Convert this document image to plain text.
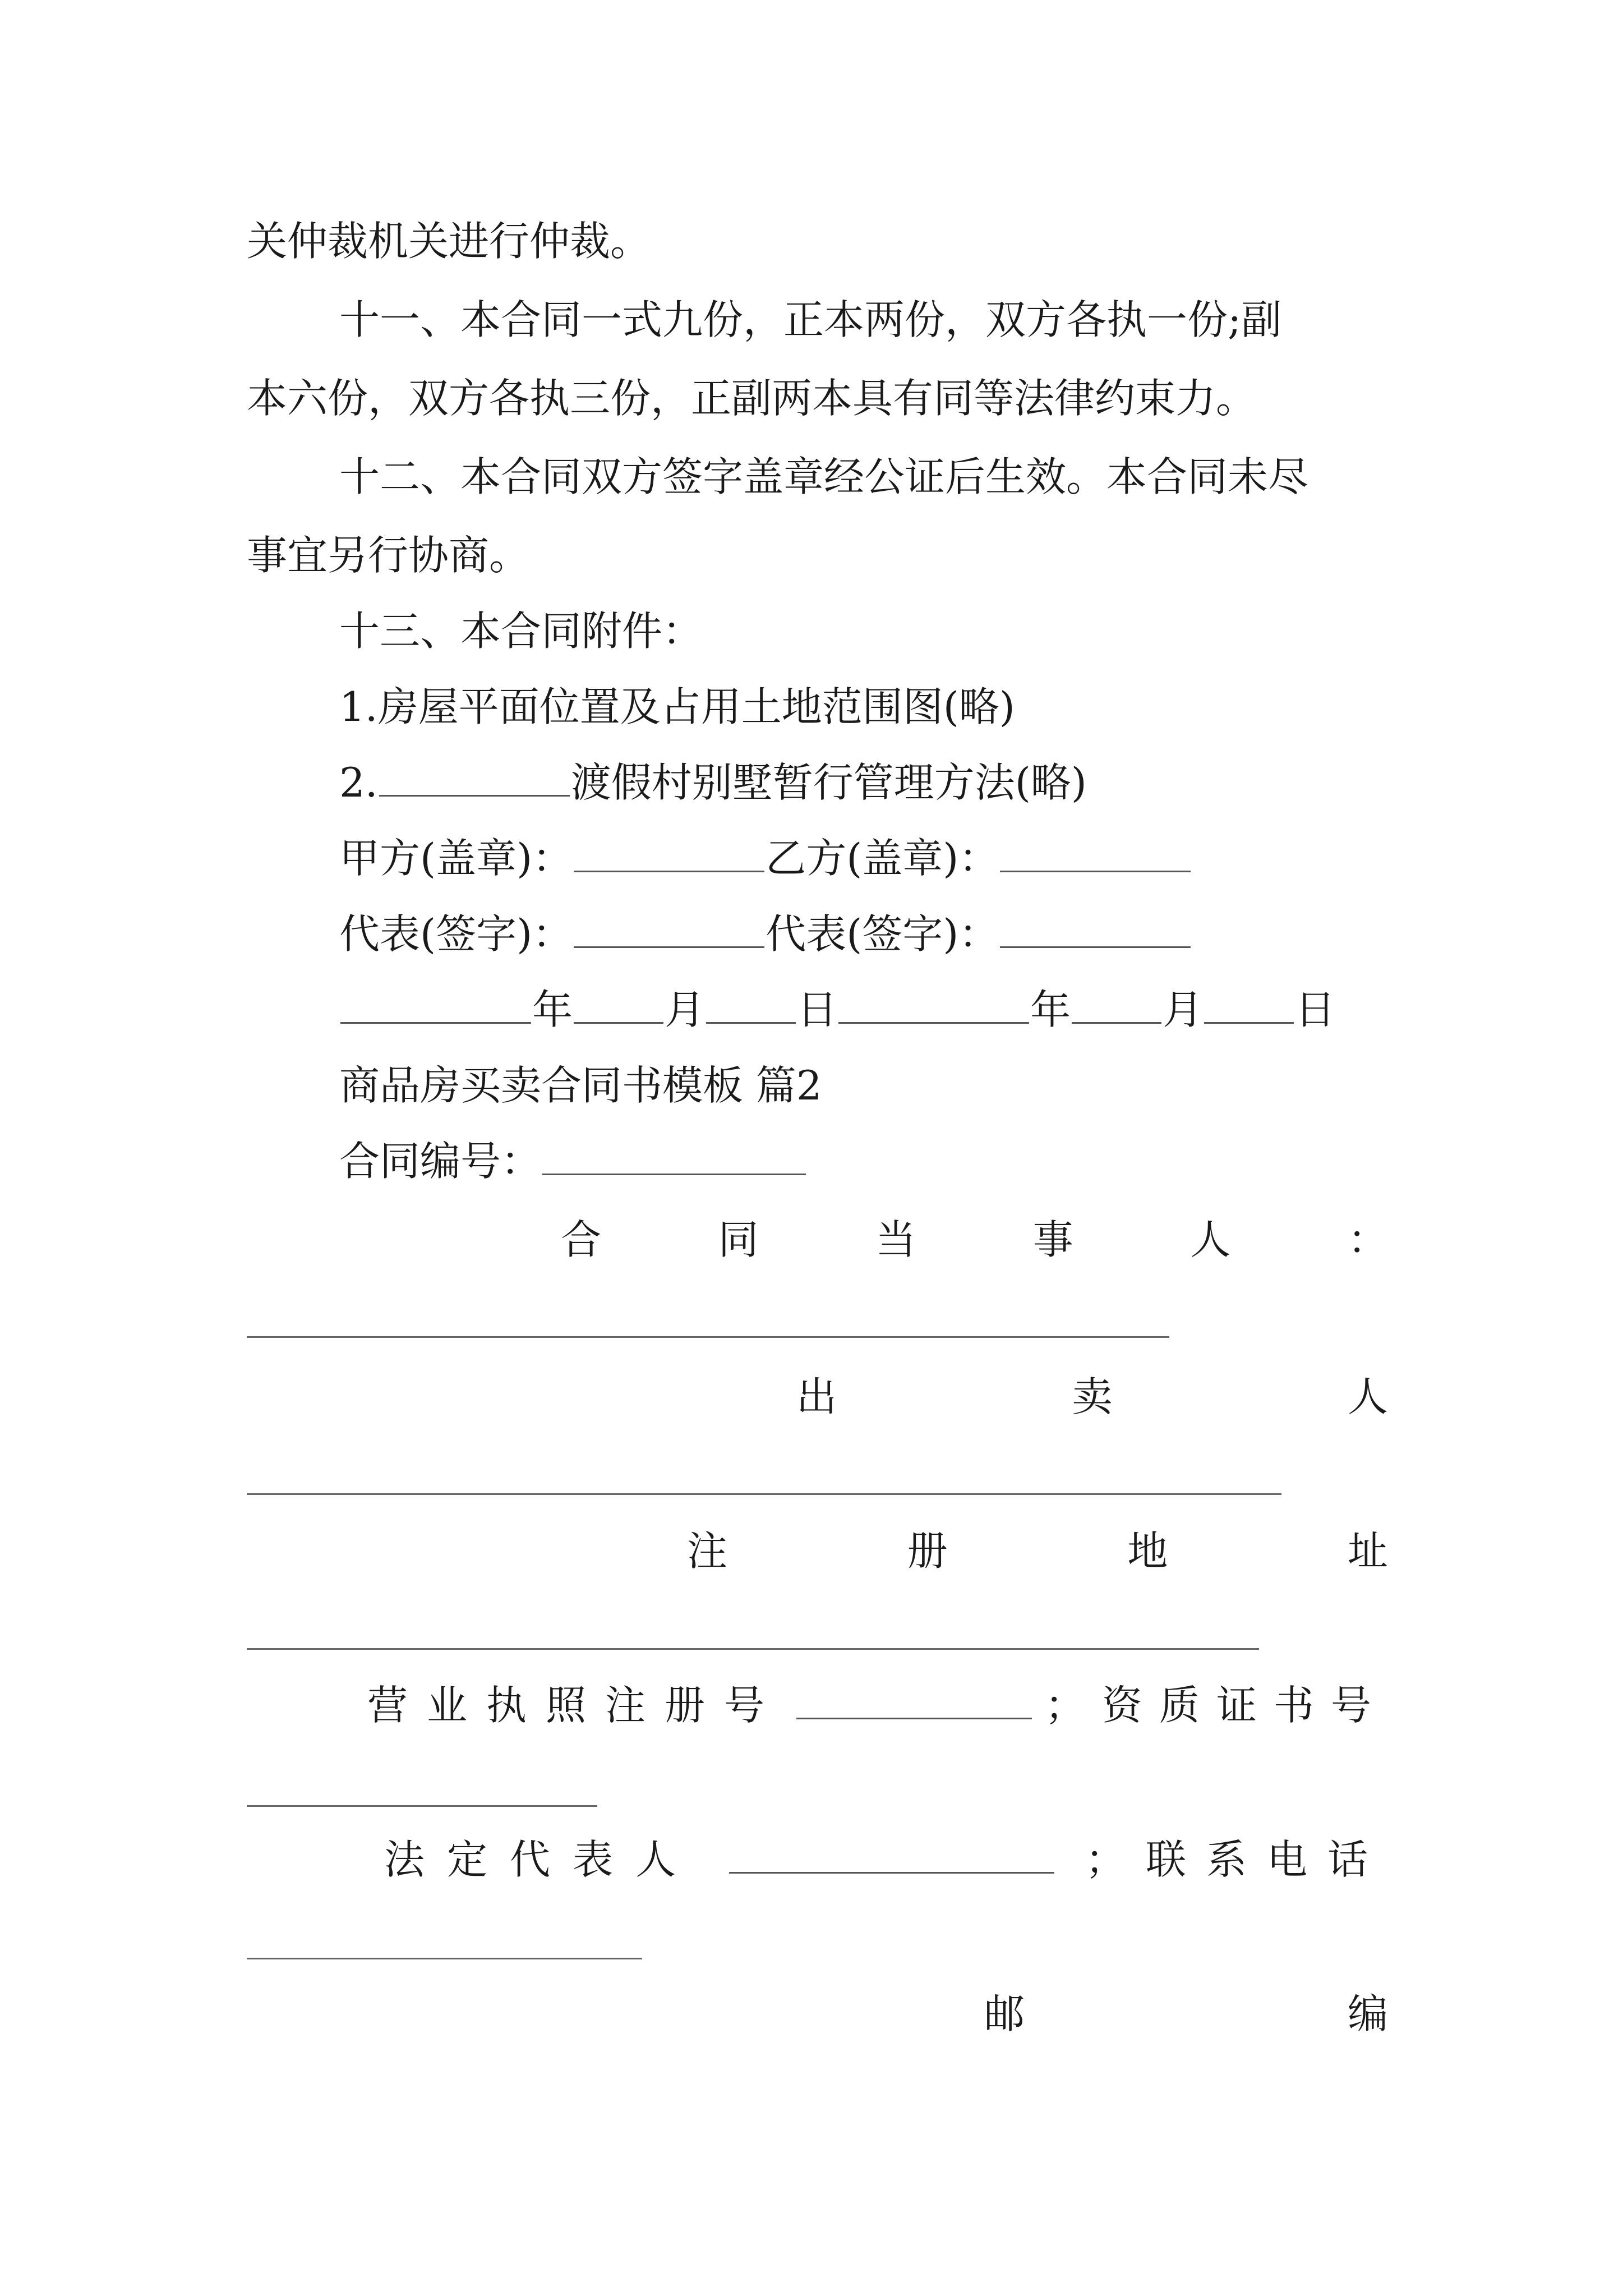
关仲裁机关进行仲裁。
十一、本合同一式九份，正本两份，双方各执一份;副
本六份，双方各执三份，正副两本具有同等法律约束力。
十二、本合同双方签字盖章经公证后生效。本合同未尽
事宜另行协商。
十三、本合同附件：
1.房屋平面位置及占用土地范围图(略)
2.	渡假村别墅暂行管理方法(略)
甲方(盖章)：	乙方(盖章)：
代表(签字)：	代表(签字)：
年 月 日	年 月 日
商品房买卖合同书模板 篇2
合同编号：
合	同	当	事	人	：
出	卖	人
注	册	地	址
营业执照注册号	；资质证书号
法定代表人	；联系电话
邮	编
